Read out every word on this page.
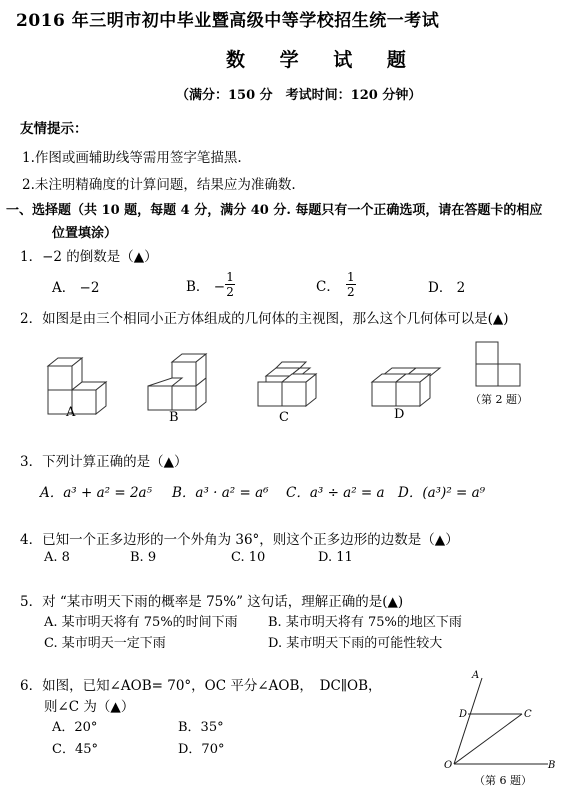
2016 年三明市初中毕业暨高级中等学校招生统一考试
数 学 试 题
（满分：150 分　考试时间：120 分钟）
友情提示：
1.作图或画辅助线等需用签字笔描黑.
2.未注明精确度的计算问题，结果应为准确数.
一、选择题（共 10 题，每题 4 分，满分 40 分. 每题只有一个正确选项，请在答题卡的相应
位置填涂）
1．−2 的倒数是（▲）
A． −2	B． − $\frac{1}{2}$	C． $\frac{1}{2}$	D． 2
2．如图是由三个相同小正方体组成的几何体的主视图，那么这个几何体可以是(▲)
A	B	C	D
（第 2 题）
3．下列计算正确的是（▲）
A．a³ + a² = 2a⁵ B．a³ · a² = a⁶ C．a³ ÷ a² = a D．(a³)² = a⁹
4．已知一个正多边形的一个外角为 36°，则这个正多边形的边数是（▲）
A. 8	B. 9	C. 10	D. 11
5．对 “某市明天下雨的概率是 75%” 这句话，理解正确的是(▲)
A. 某市明天将有 75%的时间下雨 B. 某市明天将有 75%的地区下雨
C. 某市明天一定下雨	D. 某市明天下雨的可能性较大
6．如图，已知∠AOB= 70°，OC 平分∠AOB，　DC∥OB，
则∠C 为（▲）
A．20°	B．35°
C．45°	D．70°
A
D	C
O	B
（第 6 题）
